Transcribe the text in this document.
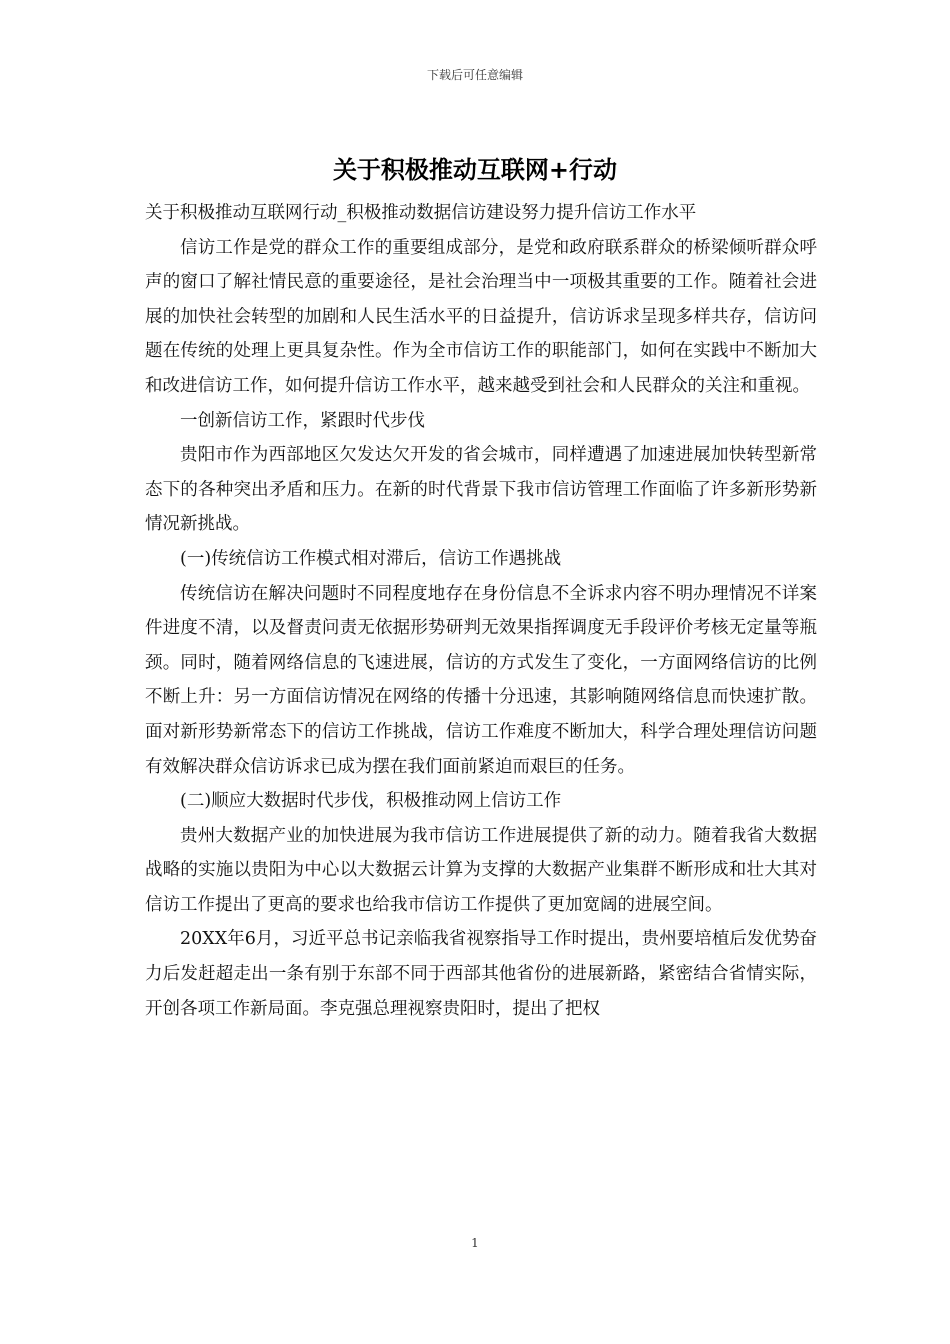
下载后可任意编辑
关于积极推动互联网+行动

关于积极推动互联网行动_积极推动数据信访建设努力提升信访工作水平

信访工作是党的群众工作的重要组成部分，是党和政府联系群众的桥梁倾听群众呼声的窗口了解社情民意的重要途径，是社会治理当中一项极其重要的工作。随着社会进展的加快社会转型的加剧和人民生活水平的日益提升，信访诉求呈现多样共存，信访问题在传统的处理上更具复杂性。作为全市信访工作的职能部门，如何在实践中不断加大和改进信访工作，如何提升信访工作水平，越来越受到社会和人民群众的关注和重视。

一创新信访工作，紧跟时代步伐

贵阳市作为西部地区欠发达欠开发的省会城市，同样遭遇了加速进展加快转型新常态下的各种突出矛盾和压力。在新的时代背景下我市信访管理工作面临了许多新形势新情况新挑战。

(一)传统信访工作模式相对滞后，信访工作遇挑战

传统信访在解决问题时不同程度地存在身份信息不全诉求内容不明办理情况不详案件进度不清，以及督责问责无依据形势研判无效果指挥调度无手段评价考核无定量等瓶颈。同时，随着网络信息的飞速进展，信访的方式发生了变化，一方面网络信访的比例不断上升：另一方面信访情况在网络的传播十分迅速，其影响随网络信息而快速扩散。面对新形势新常态下的信访工作挑战，信访工作难度不断加大，科学合理处理信访问题有效解决群众信访诉求已成为摆在我们面前紧迫而艰巨的任务。

(二)顺应大数据时代步伐，积极推动网上信访工作

贵州大数据产业的加快进展为我市信访工作进展提供了新的动力。随着我省大数据战略的实施以贵阳为中心以大数据云计算为支撑的大数据产业集群不断形成和壮大其对信访工作提出了更高的要求也给我市信访工作提供了更加宽阔的进展空间。

20XX年6月，习近平总书记亲临我省视察指导工作时提出，贵州要培植后发优势奋力后发赶超走出一条有别于东部不同于西部其他省份的进展新路，紧密结合省情实际，开创各项工作新局面。李克强总理视察贵阳时，提出了把权

1
